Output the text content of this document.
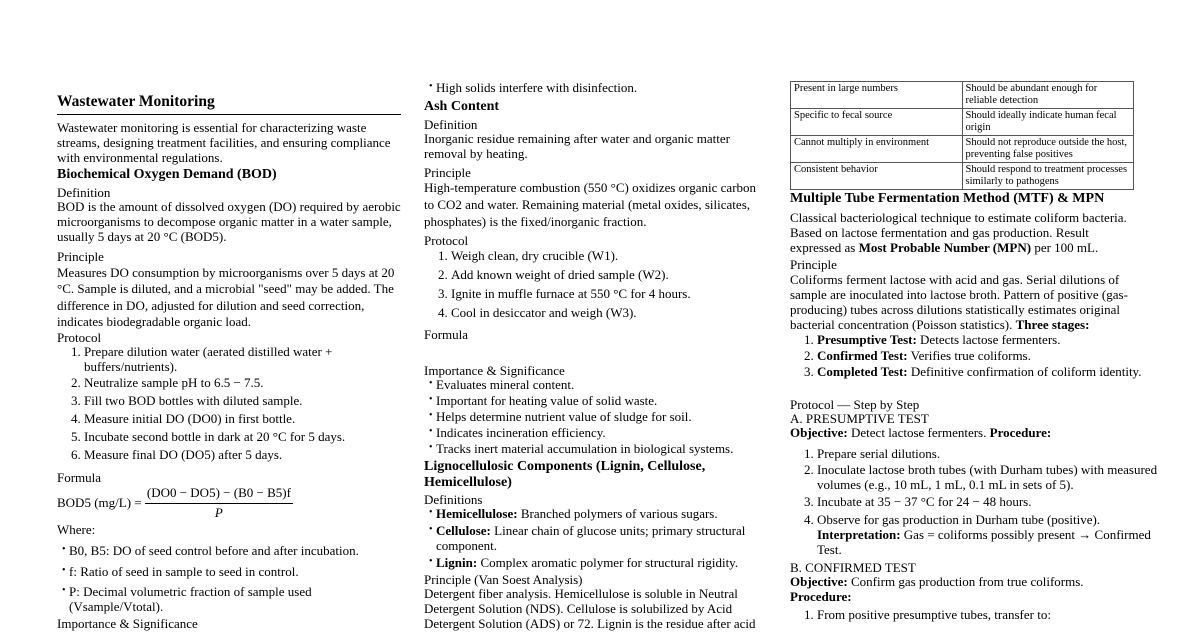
Wastewater Monitoring

Wastewater monitoring is essential for characterizing waste streams, designing treatment facilities, and ensuring compliance with environmental regulations.

Biochemical Oxygen Demand (BOD)
Definition

BOD is the amount of dissolved oxygen (DO) required by aerobic microorganisms to decompose organic matter in a water sample, usually 5 days at 20 °C (BOD5).

Principle

Measures DO consumption by microorganisms over 5 days at 20 °C. Sample is diluted, and a microbial "seed" may be added. The difference in DO, adjusted for dilution and seed correction, indicates biodegradable organic load.

Protocol
1. Prepare dilution water (aerated distilled water + buffers/nutrients).
2. Neutralize sample pH to 6.5 − 7.5.
3. Fill two BOD bottles with diluted sample.
4. Measure initial DO (DO0) in first bottle.
5. Incubate second bottle in dark at 20 °C for 5 days.
6. Measure final DO (DO5) after 5 days.
Formula
BOD5 $(mg/L) = \frac{(DO0 - DO5) - (B0 - B5)f}{P}$
Where:
• B0, B5: DO of seed control before and after incubation.
• f: Ratio of seed in sample to seed in control.
• P: Decimal volumetric fraction of sample used (Vsample/Vtotal).
Importance & Significance
• High solids interfere with disinfection.
Ash Content
Definition

Inorganic residue remaining after water and organic matter removal by heating.

Principle

High-temperature combustion (550 °C) oxidizes organic carbon to CO2 and water. Remaining material (metal oxides, silicates, phosphates) is the fixed/inorganic fraction.

Protocol
1. Weigh clean, dry crucible (W1).
2. Add known weight of dried sample (W2).
3. Ignite in muffle furnace at 550 °C for 4 hours.
4. Cool in desiccator and weigh (W3).
Formula
Importance & Significance
• Evaluates mineral content.
• Important for heating value of solid waste.
• Helps determine nutrient value of sludge for soil.
• Indicates incineration efficiency.
• Tracks inert material accumulation in biological systems.
Lignocellulosic Components (Lignin, Cellulose, Hemicellulose)
Definitions
• Hemicellulose: Branched polymers of various sugars.
• Cellulose: Linear chain of glucose units; primary structural component.
• Lignin: Complex aromatic polymer for structural rigidity.
Principle (Van Soest Analysis)

Detergent fiber analysis. Hemicellulose is soluble in Neutral Detergent Solution (NDS). Cellulose is solubilized by Acid Detergent Solution (ADS) or 72. Lignin is the residue after acid

Present in large numbers	Should be abundant enough for reliable detection
Specific to fecal source	Should ideally indicate human fecal origin
Cannot multiply in environment	Should not reproduce outside the host, preventing false positives
Consistent behavior	Should respond to treatment processes similarly to pathogens
Multiple Tube Fermentation Method (MTF) & MPN

Classical bacteriological technique to estimate coliform bacteria. Based on lactose fermentation and gas production. Result expressed as Most Probable Number (MPN) per 100 mL.

Principle

Coliforms ferment lactose with acid and gas. Serial dilutions of sample are inoculated into lactose broth. Pattern of positive (gas-producing) tubes across dilutions statistically estimates original bacterial concentration (Poisson statistics). Three stages:

1. Presumptive Test: Detects lactose fermenters.
2. Confirmed Test: Verifies true coliforms.
3. Completed Test: Definitive confirmation of coliform identity.
Protocol — Step by Step
A. PRESUMPTIVE TEST

Objective: Detect lactose fermenters. Procedure:

1. Prepare serial dilutions.
2. Inoculate lactose broth tubes (with Durham tubes) with measured volumes (e.g., 10 mL, 1 mL, 0.1 mL in sets of 5).
3. Incubate at 35 − 37 °C for 24 − 48 hours.
4. Observe for gas production in Durham tube (positive).
Interpretation: Gas = coliforms possibly present → Confirmed Test.
B. CONFIRMED TEST

Objective: Confirm gas production from true coliforms.
Procedure:

1. From positive presumptive tubes, transfer to:
